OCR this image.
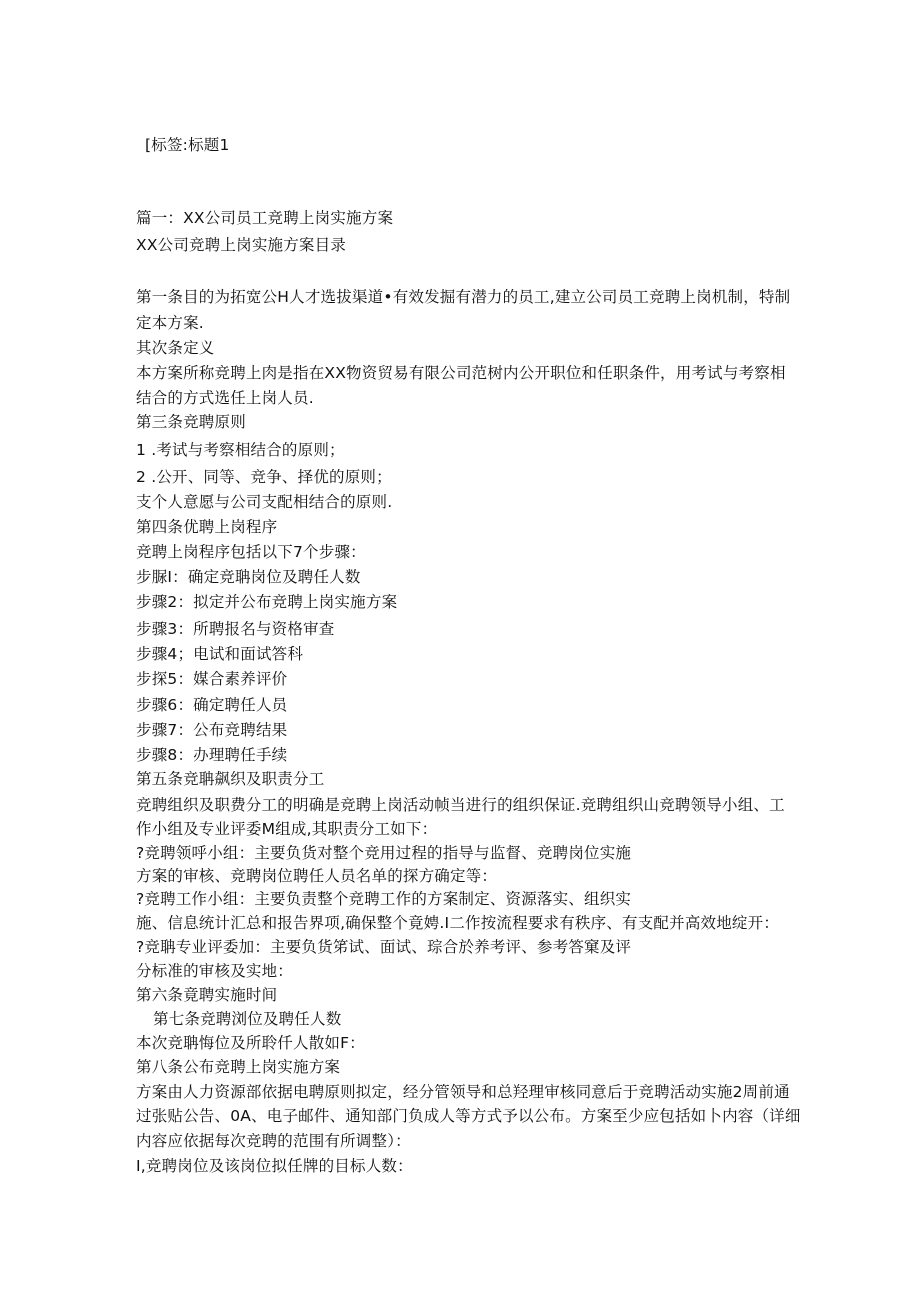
[标签:标题1
篇一：XX公司员工竞聘上岗实施方案
XX公司竞聘上岗实施方案目录
第一条目的为拓宽公H人才选拔渠道•有效发掘有潜力的员工,建立公司员工竞聘上岗机制，特制
定本方案.
其次条定义
本方案所称竞聘上肉是指在XX物资贸易有限公司范树内公开职位和任职条件，用考试与考察相
结合的方式选任上岗人员.
第三条竞聘原则
1 .考试与考察相结合的原则；
2 .公开、同等、竞争、择优的原则；
支个人意愿与公司支配相结合的原则.
第四条优聘上岗程序
竞聘上岗程序包括以下7个步骤：
步脲I：确定竞聃岗位及聘任人数
步骤2：拟定并公布竞聘上岗实施方案
步骤3：所聘报名与资格审查
步骤4；电试和面试答科
步探5：媒合素养评价
步骤6：确定聘任人员
步骤7：公布竞聘结果
步骤8：办理聘任手续
第五条竞聃飙织及职责分工
竞聘组织及职费分工的明确是竞聘上岗活动帧当进行的组织保证.竞聘组织山竞聘领导小组、工
作小组及专业评委M组成,其职责分工如下：
?竞聘领呼小组：主要负货对整个竞用过程的指导与监督、竞聘岗位实施
方案的审核、竞聘岗位聘任人员名单的探方确定等：
?竞聘工作小组：主要负责整个竞聘工作的方案制定、资源落实、组织实
施、信息统计汇总和报告界项,确保整个竟娉.I二作按流程要求有秩序、有支配并高效地绽开：
?竞聃专业评委加：主要负货笫试、面试、琮合於养考评、参考答窠及评
分标准的审核及实地：
第六条竟聘实施时间
第七条竞聘浏位及聘任人数
本次竞聃悔位及所聆仟人散如F：
第八条公布竞聘上岗实施方案
方案由人力资源部依据电聘原则拟定，经分管领导和总羟理审核同意后于竞聘活动实施2周前通
过张贴公告、0A、电子邮件、通知部门负成人等方式予以公布。方案至少应包括如卜内容（详细
内容应依据每次竞聘的范围有所调整）：
I,竞聘岗位及该岗位拟任牌的目标人数：
